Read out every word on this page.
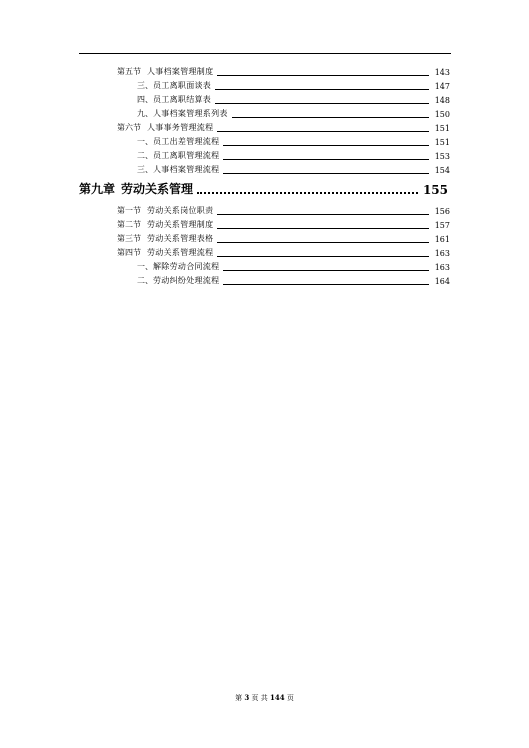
第五节 人事档案管理制度	143
三、 员工离职面谈表	147
四、 员工离职结算表	148
九、 人事档案管理系列表	150
第六节 人事事务管理流程	151
一、 员工出差管理流程	151
二、 员工离职管理流程	153
三、 人事档案管理流程	154
第九章 劳动关系管理	155
第一节 劳动关系岗位职责	156
第二节 劳动关系管理制度	157
第三节 劳动关系管理表格	161
第四节 劳动关系管理流程	163
一、 解除劳动合同流程	163
二、 劳动纠纷处理流程	164
第 3 页 共 144 页
